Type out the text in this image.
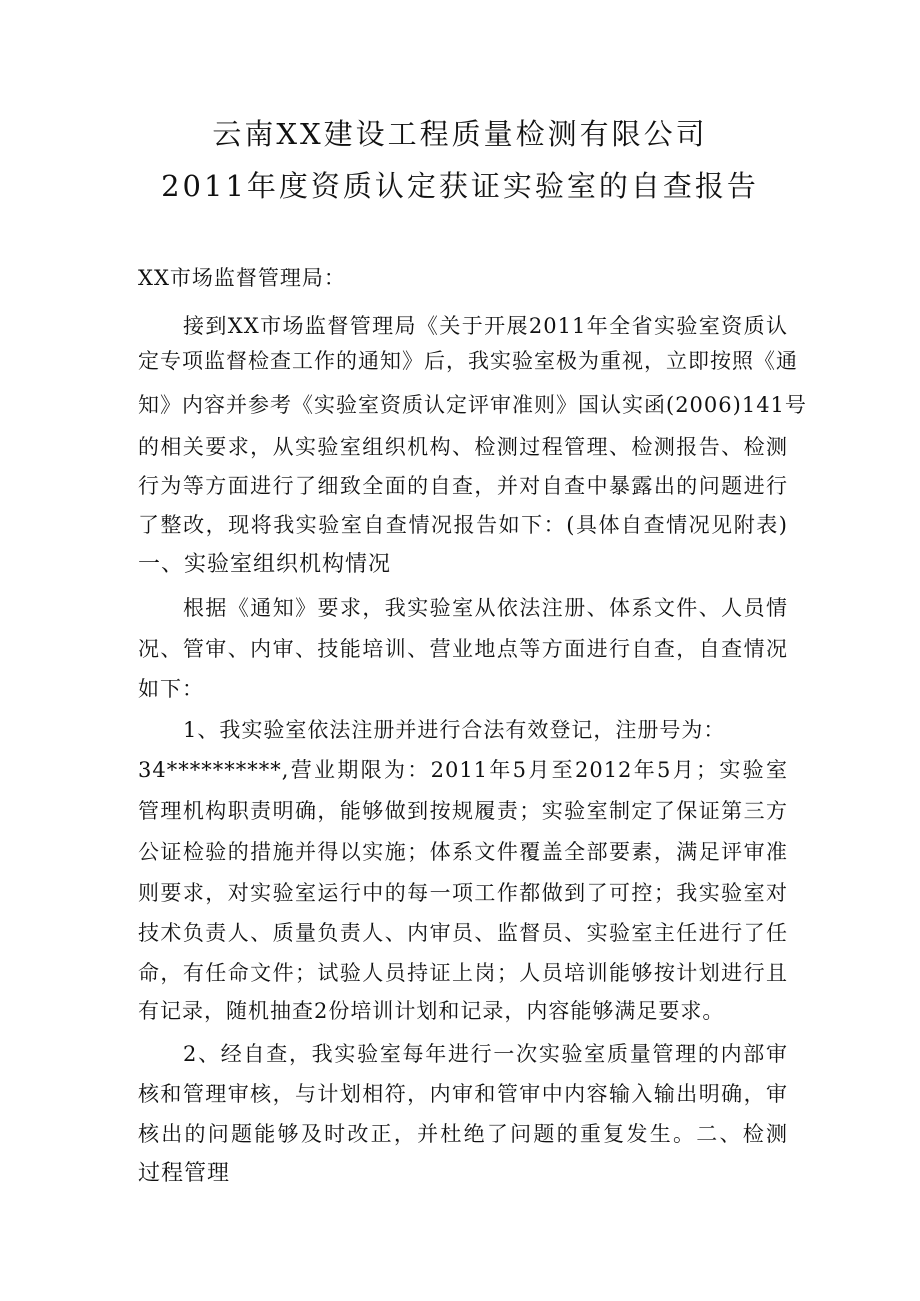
云南XX建设工程质量检测有限公司
2011年度资质认定获证实验室的自查报告
XX市场监督管理局：
接到XX市场监督管理局《关于开展2011年全省实验室资质认
定专项监督检查工作的通知》后，我实验室极为重视，立即按照《通
知》内容并参考《实验室资质认定评审准则》国认实函(2006)141号
的相关要求，从实验室组织机构、检测过程管理、检测报告、检测
行为等方面进行了细致全面的自查，并对自查中暴露出的问题进行
了整改，现将我实验室自查情况报告如下：(具体自查情况见附表)
一、实验室组织机构情况
根据《通知》要求，我实验室从依法注册、体系文件、人员情
况、管审、内审、技能培训、营业地点等方面进行自查，自查情况
如下：
1、我实验室依法注册并进行合法有效登记，注册号为：
34**********,营业期限为：2011年5月至2012年5月；实验室
管理机构职责明确，能够做到按规履责；实验室制定了保证第三方
公证检验的措施并得以实施；体系文件覆盖全部要素，满足评审准
则要求，对实验室运行中的每一项工作都做到了可控；我实验室对
技术负责人、质量负责人、内审员、监督员、实验室主任进行了任
命，有任命文件；试验人员持证上岗；人员培训能够按计划进行且
有记录，随机抽查2份培训计划和记录，内容能够满足要求。
2、经自查，我实验室每年进行一次实验室质量管理的内部审
核和管理审核，与计划相符，内审和管审中内容输入输出明确，审
核出的问题能够及时改正，并杜绝了问题的重复发生。二、检测
过程管理
